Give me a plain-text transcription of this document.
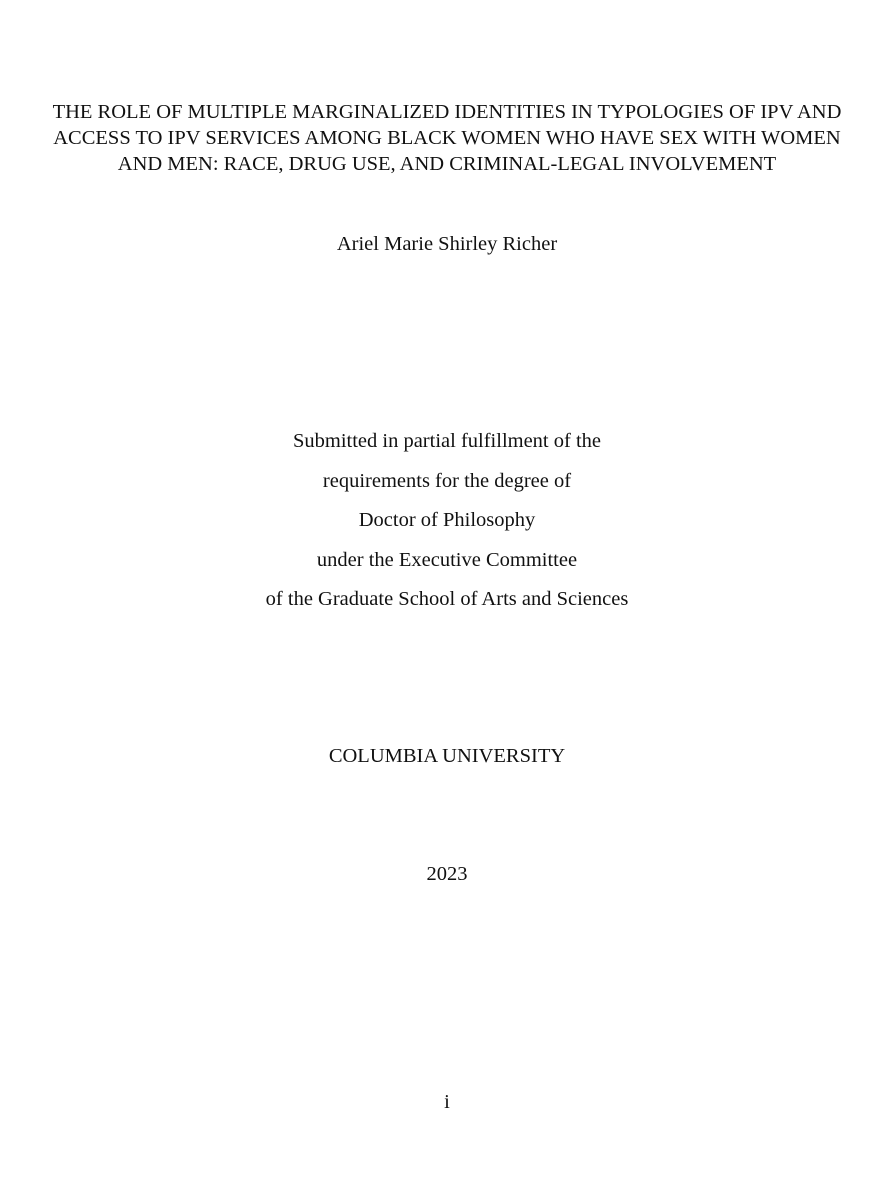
THE ROLE OF MULTIPLE MARGINALIZED IDENTITIES IN TYPOLOGIES OF IPV AND
ACCESS TO IPV SERVICES AMONG BLACK WOMEN WHO HAVE SEX WITH WOMEN
AND MEN: RACE, DRUG USE, AND CRIMINAL-LEGAL INVOLVEMENT
Ariel Marie Shirley Richer
Submitted in partial fulfillment of the
requirements for the degree of
Doctor of Philosophy
under the Executive Committee
of the Graduate School of Arts and Sciences
COLUMBIA UNIVERSITY
2023
i
